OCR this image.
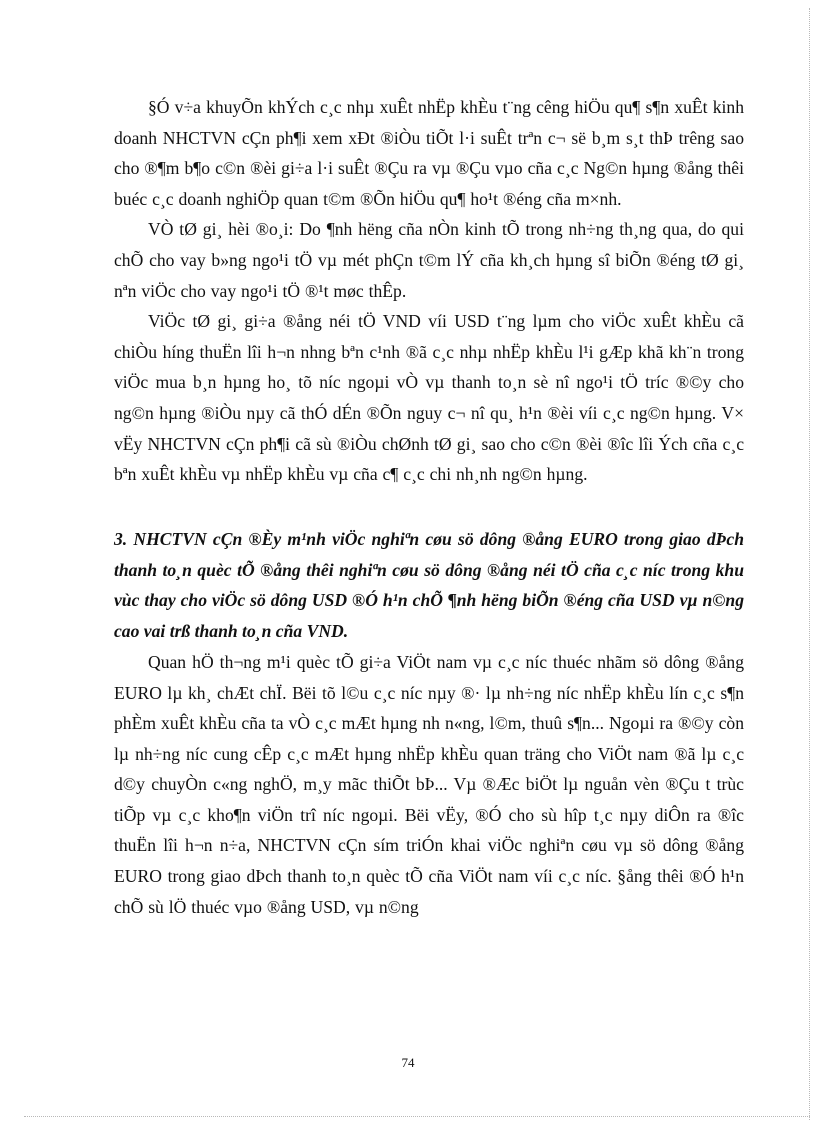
§Ó v÷a khuyÕn khÝch c¸c nhµ xuÊt nhËp khÈu t¨ng cêng hiÖu qu¶ s¶n xuÊt kinh doanh NHCTVN cÇn ph¶i xem xÐt ®iÒu tiÕt l·i suÊt trªn c¬ së b¸m s¸t thÞ trêng sao cho ®¶m b¶o c©n ®èi gi÷a l·i suÊt ®Çu ra vµ ®Çu vµo cña c¸c Ng©n hµng ®ång thêi buéc c¸c doanh nghiÖp quan t©m ®Õn hiÖu qu¶ ho¹t ®éng cña m×nh.

VÒ tØ gi¸ hèi ®o¸i: Do ¶nh hëng cña nÒn kinh tÕ trong nh÷ng th¸ng qua, do qui chÕ cho vay b»ng ngo¹i tÖ vµ mét phÇn t©m lÝ cña kh¸ch hµng sî biÕn ®éng tØ gi¸ nªn viÖc cho vay ngo¹i tÖ ®¹t møc thÊp.

ViÖc tØ gi¸ gi÷a ®ång néi tÖ VND víi USD t¨ng lµm cho viÖc xuÊt khÈu cã chiÒu híng thuËn lîi h¬n nhng bªn c¹nh ®ã c¸c nhµ nhËp khÈu l¹i gÆp khã kh¨n trong viÖc mua b¸n hµng ho¸ tõ níc ngoµi vÒ vµ thanh to¸n sè nî ngo¹i tÖ tríc ®©y cho ng©n hµng ®iÒu nµy cã thÓ dÉn ®Õn nguy c¬ nî qu¸ h¹n ®èi víi c¸c ng©n hµng. V× vËy NHCTVN cÇn ph¶i cã sù ®iÒu chØnh tØ gi¸ sao cho c©n ®èi ®îc lîi Ých cña c¸c bªn xuÊt khÈu vµ nhËp khÈu vµ cña c¶ c¸c chi nh¸nh ng©n hµng.

3. NHCTVN cÇn ®Èy m¹nh viÖc nghiªn cøu sö dông ®ång EURO trong giao dÞch thanh to¸n quèc tÕ ®ång thêi nghiªn cøu sö dông ®ång néi tÖ cña c¸c níc trong khu vùc thay cho viÖc sö dông USD ®Ó h¹n chÕ ¶nh hëng biÕn ®éng cña USD vµ n©ng cao vai trß thanh to¸n cña VND.

Quan hÖ th¬ng m¹i quèc tÕ gi÷a ViÖt nam vµ c¸c níc thuéc nhãm sö dông ®ång EURO lµ kh¸ chÆt chÏ. Bëi tõ l©u c¸c níc nµy ®· lµ nh÷ng níc nhËp khÈu lín c¸c s¶n phÈm xuÊt khÈu cña ta vÒ c¸c mÆt hµng nh n«ng, l©m, thuû s¶n... Ngoµi ra ®©y còn lµ nh÷ng níc cung cÊp c¸c mÆt hµng nhËp khÈu quan träng cho ViÖt nam ®ã lµ c¸c d©y chuyÒn c«ng nghÖ, m¸y mãc thiÕt bÞ... Vµ ®Æc biÖt lµ nguån vèn ®Çu t trùc tiÕp vµ c¸c kho¶n viÖn trî níc ngoµi. Bëi vËy, ®Ó cho sù hîp t¸c nµy diÔn ra ®îc thuËn lîi h¬n n÷a, NHCTVN cÇn sím triÓn khai viÖc nghiªn cøu vµ sö dông ®ång EURO trong giao dÞch thanh to¸n quèc tÕ cña ViÖt nam víi c¸c níc. §ång thêi ®Ó h¹n chÕ sù lÖ thuéc vµo ®ång USD, vµ n©ng

74
